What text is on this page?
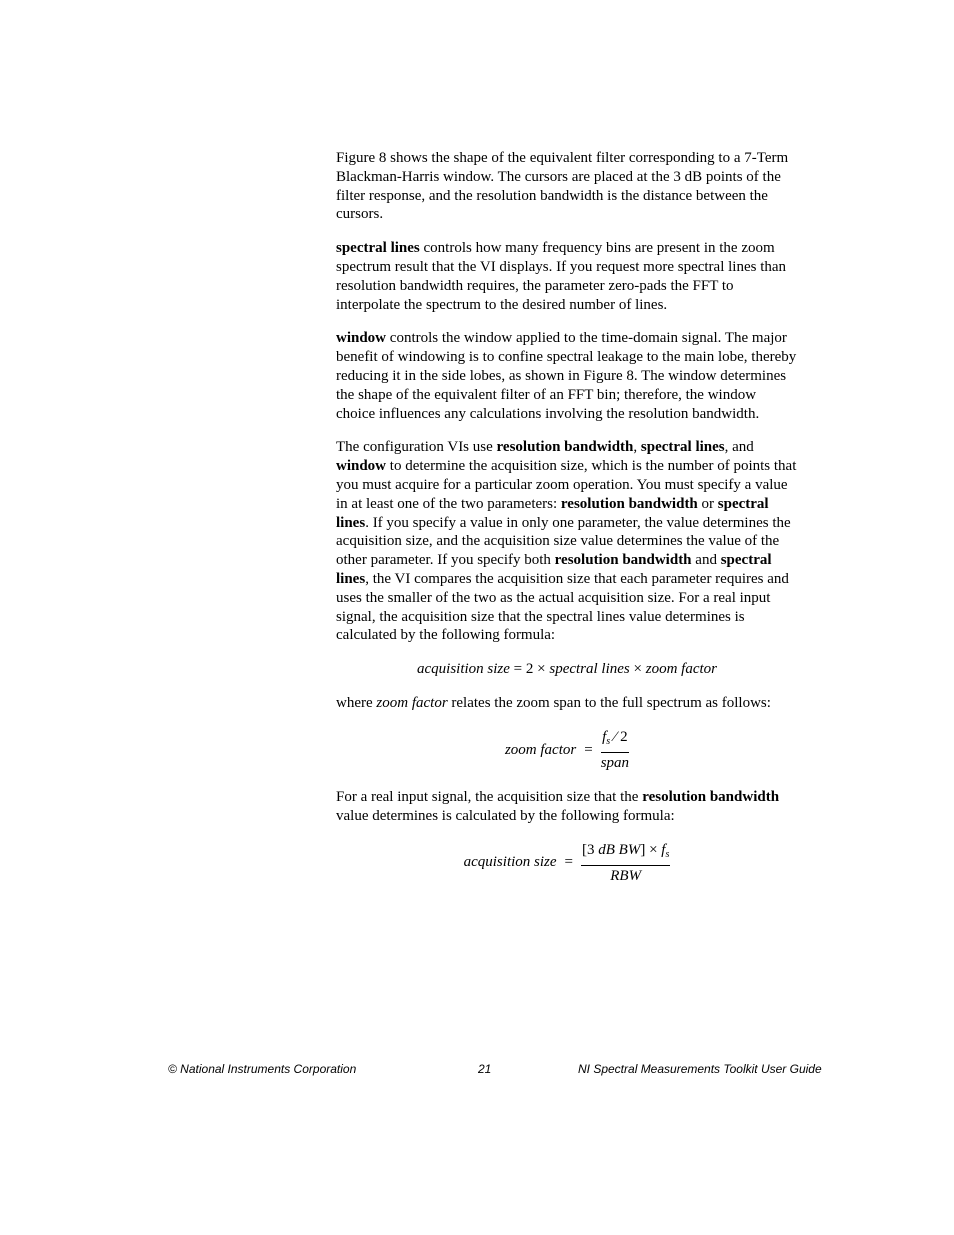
Figure 8 shows the shape of the equivalent filter corresponding to a 7-Term Blackman-Harris window. The cursors are placed at the 3 dB points of the filter response, and the resolution bandwidth is the distance between the cursors.

spectral lines controls how many frequency bins are present in the zoom spectrum result that the VI displays. If you request more spectral lines than resolution bandwidth requires, the parameter zero-pads the FFT to interpolate the spectrum to the desired number of lines.

window controls the window applied to the time-domain signal. The major benefit of windowing is to confine spectral leakage to the main lobe, thereby reducing it in the side lobes, as shown in Figure 8. The window determines the shape of the equivalent filter of an FFT bin; therefore, the window choice influences any calculations involving the resolution bandwidth.

The configuration VIs use resolution bandwidth, spectral lines, and window to determine the acquisition size, which is the number of points that you must acquire for a particular zoom operation. You must specify a value in at least one of the two parameters: resolution bandwidth or spectral lines. If you specify a value in only one parameter, the value determines the acquisition size, and the acquisition size value determines the value of the other parameter. If you specify both resolution bandwidth and spectral lines, the VI compares the acquisition size that each parameter requires and uses the smaller of the two as the actual acquisition size. For a real input signal, the acquisition size that the spectral lines value determines is calculated by the following formula:

acquisition size = 2 × spectral lines × zoom factor

where zoom factor relates the zoom span to the full spectrum as follows:

zoom factor = $\frac{f_s ⁄ 2}{\text{span}}$

For a real input signal, the acquisition size that the resolution bandwidth value determines is calculated by the following formula:

acquisition size = $\frac{[3 dB BW] \times f_s}{\text{RBW}}$
© National Instruments Corporation	21	NI Spectral Measurements Toolkit User Guide
